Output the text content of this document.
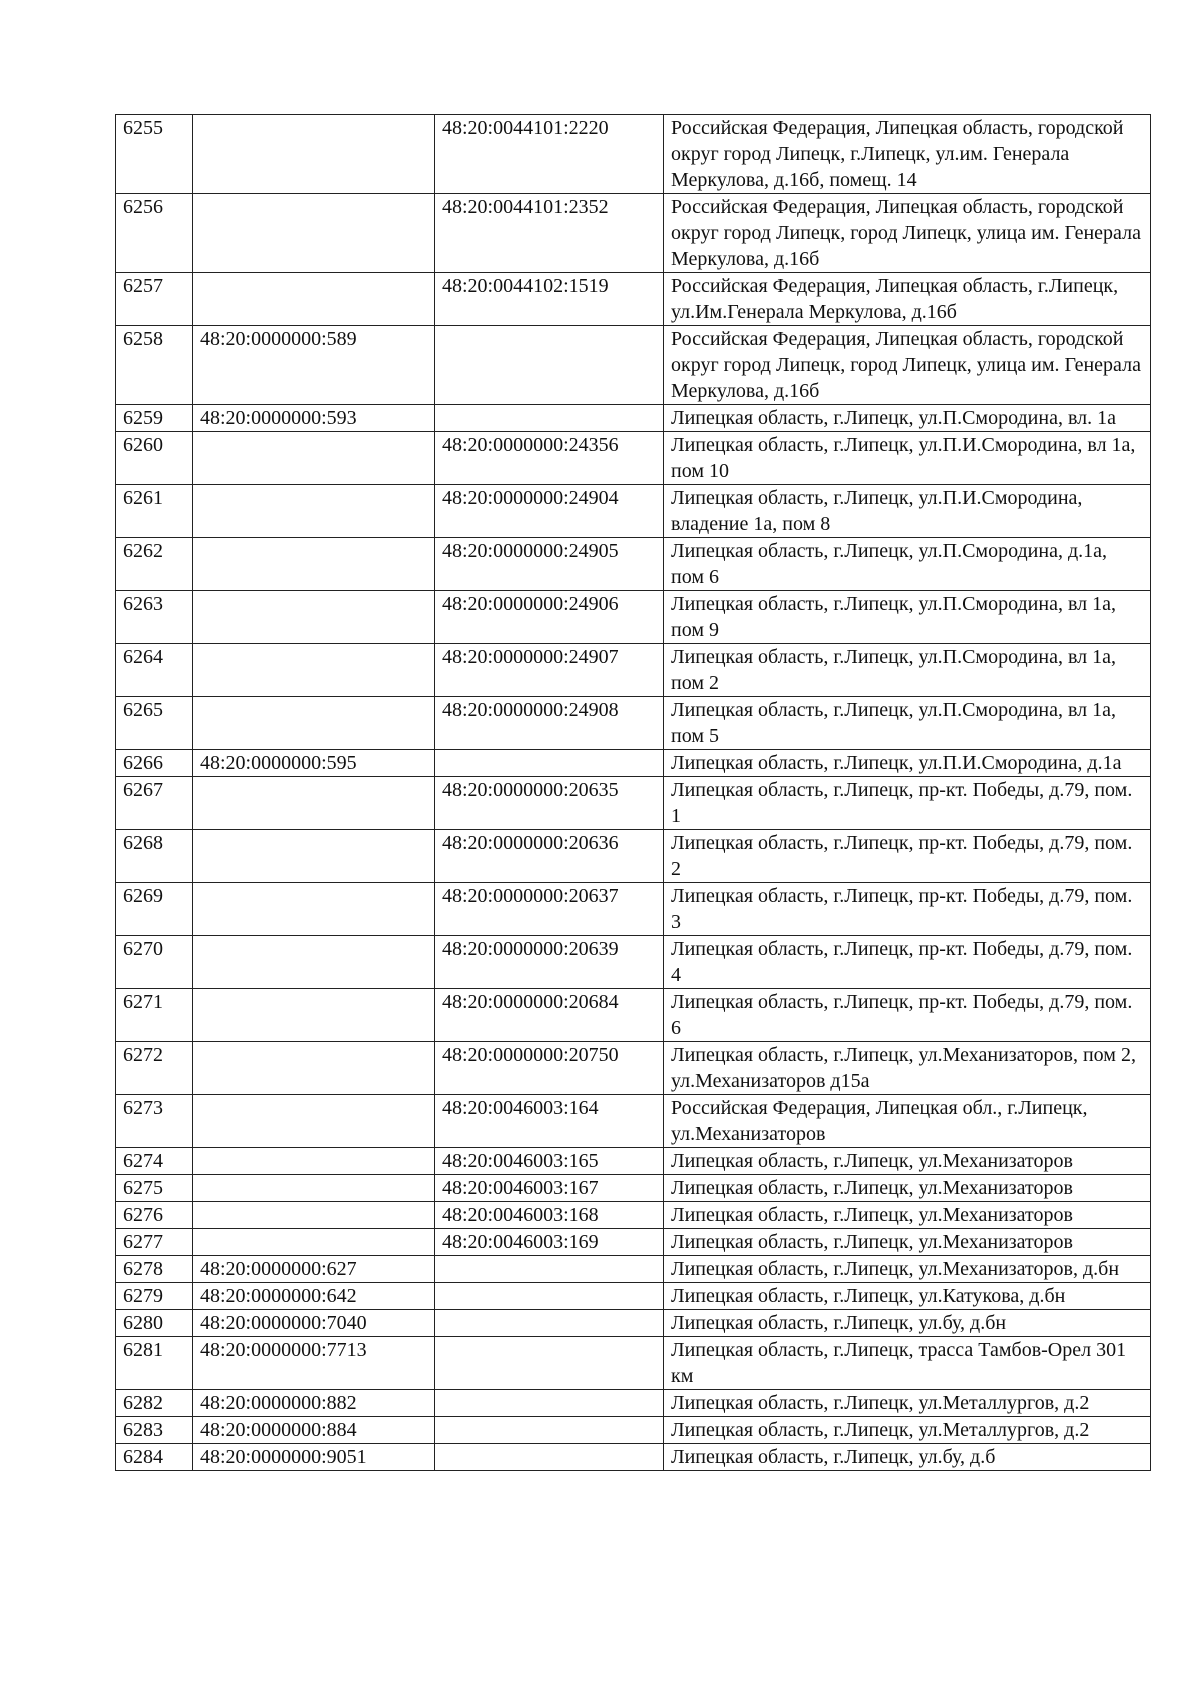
6255		48:20:0044101:2220	Российская Федерация, Липецкая область, городской округ город Липецк, г.Липецк, ул.им. Генерала Меркулова, д.16б, помещ. 14
6256		48:20:0044101:2352	Российская Федерация, Липецкая область, городской округ город Липецк, город Липецк, улица им. Генерала Меркулова, д.16б
6257		48:20:0044102:1519	Российская Федерация, Липецкая область, г.Липецк, ул.Им.Генерала Меркулова, д.16б
6258	48:20:0000000:589		Российская Федерация, Липецкая область, городской округ город Липецк, город Липецк, улица им. Генерала Меркулова, д.16б
6259	48:20:0000000:593		Липецкая область, г.Липецк, ул.П.Смородина, вл. 1а
6260		48:20:0000000:24356	Липецкая область, г.Липецк, ул.П.И.Смородина, вл 1а, пом 10
6261		48:20:0000000:24904	Липецкая область, г.Липецк, ул.П.И.Смородина, владение 1а, пом 8
6262		48:20:0000000:24905	Липецкая область, г.Липецк, ул.П.Смородина, д.1а, пом 6
6263		48:20:0000000:24906	Липецкая область, г.Липецк, ул.П.Смородина, вл 1а, пом 9
6264		48:20:0000000:24907	Липецкая область, г.Липецк, ул.П.Смородина, вл 1а, пом 2
6265		48:20:0000000:24908	Липецкая область, г.Липецк, ул.П.Смородина, вл 1а, пом 5
6266	48:20:0000000:595		Липецкая область, г.Липецк, ул.П.И.Смородина, д.1а
6267		48:20:0000000:20635	Липецкая область, г.Липецк, пр-кт. Победы, д.79, пом. 1
6268		48:20:0000000:20636	Липецкая область, г.Липецк, пр-кт. Победы, д.79, пом. 2
6269		48:20:0000000:20637	Липецкая область, г.Липецк, пр-кт. Победы, д.79, пом. 3
6270		48:20:0000000:20639	Липецкая область, г.Липецк, пр-кт. Победы, д.79, пом. 4
6271		48:20:0000000:20684	Липецкая область, г.Липецк, пр-кт. Победы, д.79, пом. 6
6272		48:20:0000000:20750	Липецкая область, г.Липецк, ул.Механизаторов, пом 2, ул.Механизаторов д15а
6273		48:20:0046003:164	Российская Федерация, Липецкая обл., г.Липецк, ул.Механизаторов
6274		48:20:0046003:165	Липецкая область, г.Липецк, ул.Механизаторов
6275		48:20:0046003:167	Липецкая область, г.Липецк, ул.Механизаторов
6276		48:20:0046003:168	Липецкая область, г.Липецк, ул.Механизаторов
6277		48:20:0046003:169	Липецкая область, г.Липецк, ул.Механизаторов
6278	48:20:0000000:627		Липецкая область, г.Липецк, ул.Механизаторов, д.бн
6279	48:20:0000000:642		Липецкая область, г.Липецк, ул.Катукова, д.бн
6280	48:20:0000000:7040		Липецкая область, г.Липецк, ул.бу, д.бн
6281	48:20:0000000:7713		Липецкая область, г.Липецк, трасса Тамбов-Орел 301 км
6282	48:20:0000000:882		Липецкая область, г.Липецк, ул.Металлургов, д.2
6283	48:20:0000000:884		Липецкая область, г.Липецк, ул.Металлургов, д.2
6284	48:20:0000000:9051		Липецкая область, г.Липецк, ул.бу, д.б
